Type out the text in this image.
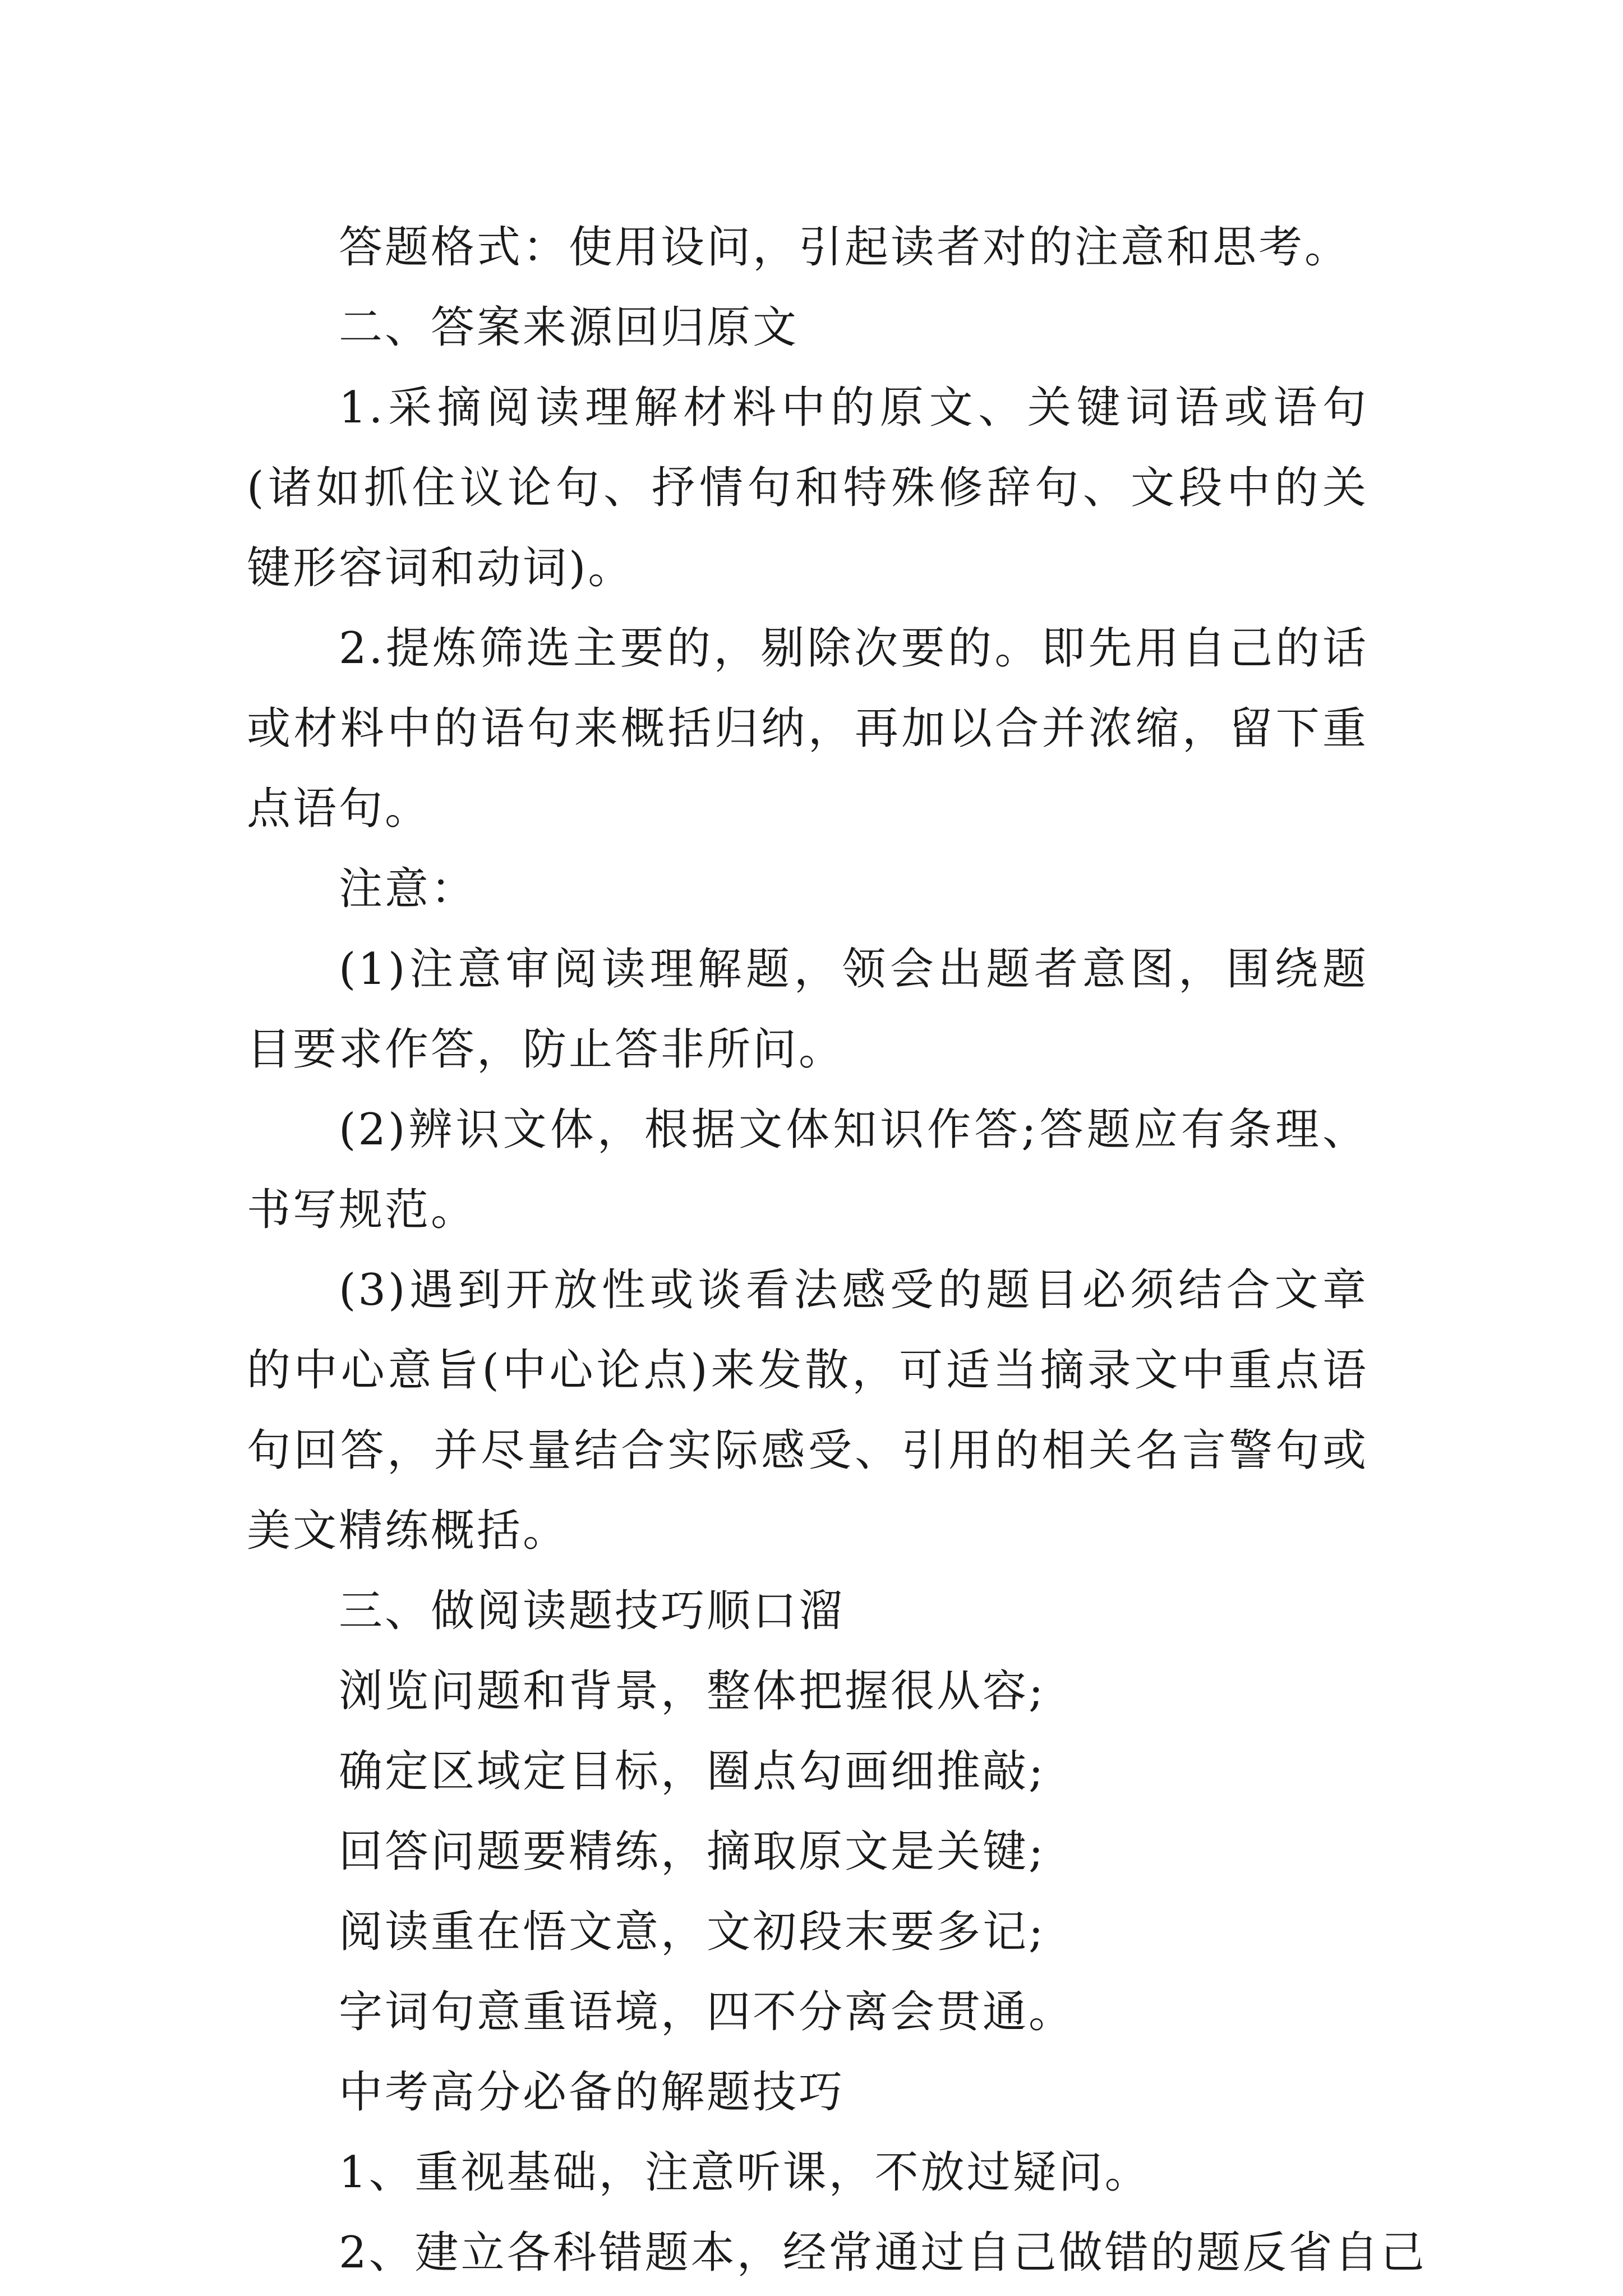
答题格式：使用设问，引起读者对的注意和思考。

二、答案来源回归原文

1.采摘阅读理解材料中的原文、关键词语或语句(诸如抓住议论句、抒情句和特殊修辞句、文段中的关键形容词和动词)。

2.提炼筛选主要的，剔除次要的。即先用自己的话或材料中的语句来概括归纳，再加以合并浓缩，留下重点语句。

注意：

(1)注意审阅读理解题，领会出题者意图，围绕题目要求作答，防止答非所问。

(2)辨识文体，根据文体知识作答;答题应有条理、书写规范。

(3)遇到开放性或谈看法感受的题目必须结合文章的中心意旨(中心论点)来发散，可适当摘录文中重点语句回答，并尽量结合实际感受、引用的相关名言警句或美文精练概括。

三、做阅读题技巧顺口溜

浏览问题和背景，整体把握很从容;

确定区域定目标，圈点勾画细推敲;

回答问题要精练，摘取原文是关键;

阅读重在悟文意，文初段末要多记;

字词句意重语境，四不分离会贯通。

中考高分必备的解题技巧

1、重视基础，注意听课，不放过疑问。

2、建立各科错题本，经常通过自己做错的题反省自己
